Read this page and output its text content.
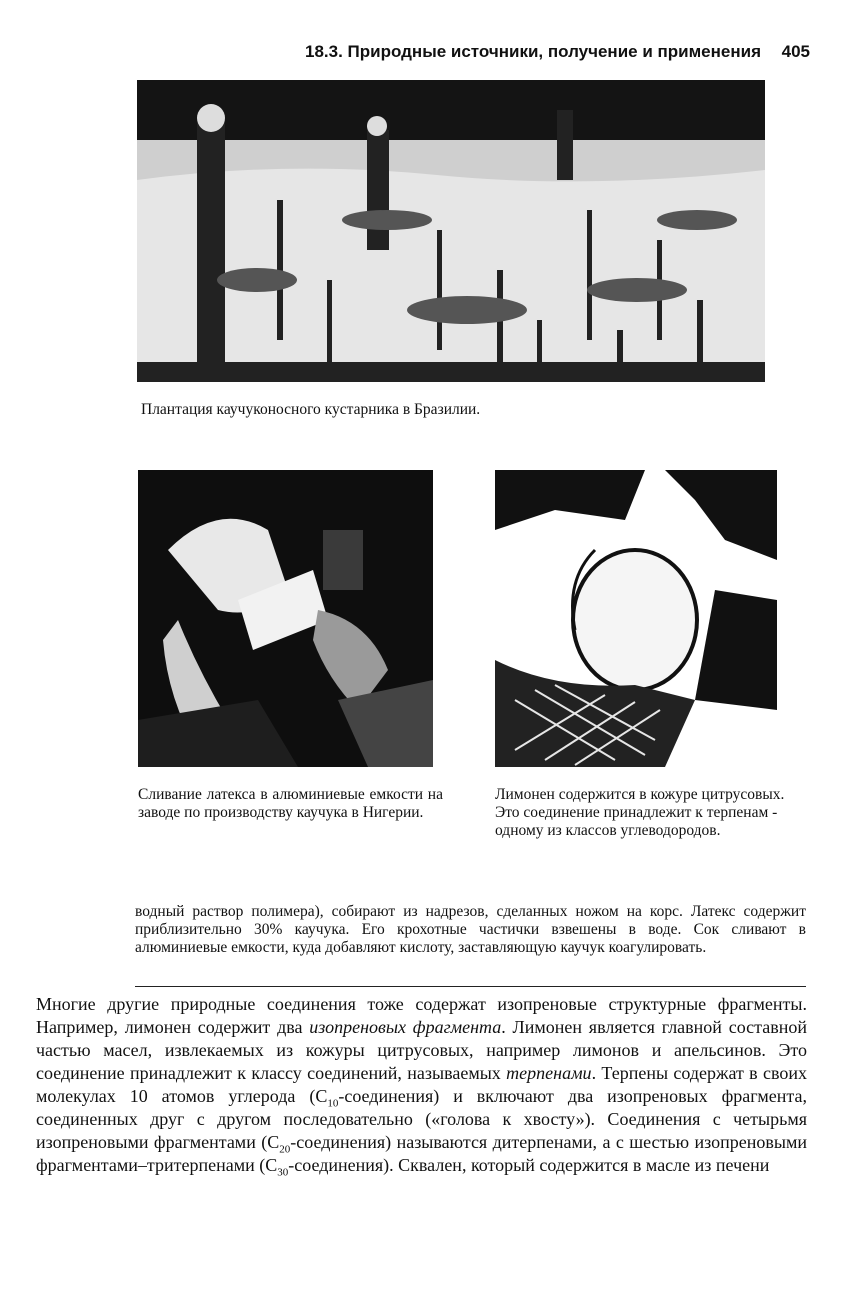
18.3. Природные источники, получение и применения 405
Плантация каучуконосного кустарника в Бразилии.
Сливание латекса в алюминиевые емкости на заводе по производству каучука в Нигерии.
Лимонен содержится в кожуре цитрусовых. Это соединение принадлежит к терпенам - одному из классов углеводородов.
водный раствор полимера), собирают из надрезов, сделанных ножом на корс. Латекс содержит приблизительно 30% каучука. Его крохотные частички взвешены в воде. Сок сливают в алюминиевые емкости, куда добавляют кислоту, заставляющую каучук коагулировать.
Многие другие природные соединения тоже содержат изопреновые структурные фрагменты. Например, лимонен содержит два изопреновых фрагмента. Лимонен является главной составной частью масел, извлекаемых из кожуры цитрусовых, например лимонов и апельсинов. Это соединение принадлежит к классу соединений, называемых терпенами. Терпены содержат в своих молекулах 10 атомов углерода $(С_{10}-соединения)$ и включают два изопреновых фрагмента, соединенных друг с другом последовательно («голова к хвосту»). Соединения с четырьмя изопреновыми фрагментами $(С_{20}-соединения)$ называются дитерпенами, а с шестью изопреновыми фрагментами–тритерпенами $(С_{30}-соединения)$. Сквален, который содержится в масле из печени
